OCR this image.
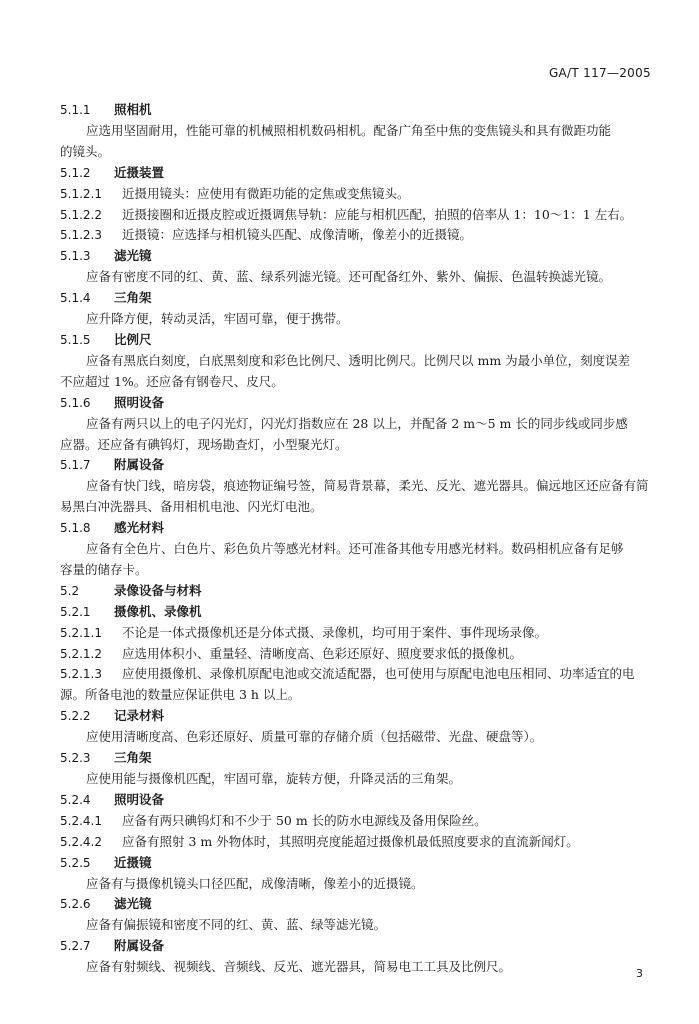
GA/T 117—2005
5.1.1 照相机
应选用坚固耐用，性能可靠的机械照相机数码相机。配备广角至中焦的变焦镜头和具有微距功能
的镜头。
5.1.2 近摄装置
5.1.2.1 近摄用镜头：应使用有微距功能的定焦或变焦镜头。
5.1.2.2 近摄接圈和近摄皮腔或近摄调焦导轨：应能与相机匹配，拍照的倍率从 1：10～1：1 左右。
5.1.2.3 近摄镜：应选择与相机镜头匹配、成像清晰，像差小的近摄镜。
5.1.3 滤光镜
应备有密度不同的红、黄、蓝、绿系列滤光镜。还可配备红外、紫外、偏振、色温转换滤光镜。
5.1.4 三角架
应升降方便，转动灵活，牢固可靠，便于携带。
5.1.5 比例尺
应备有黑底白刻度，白底黑刻度和彩色比例尺、透明比例尺。比例尺以 mm 为最小单位，刻度误差
不应超过 1%。还应备有钢卷尺、皮尺。
5.1.6 照明设备
应备有两只以上的电子闪光灯，闪光灯指数应在 28 以上，并配备 2 m～5 m 长的同步线或同步感
应器。还应备有碘钨灯，现场勘查灯，小型聚光灯。
5.1.7 附属设备
应备有快门线，暗房袋，痕迹物证编号签，简易背景幕，柔光、反光、遮光器具。偏远地区还应备有简
易黑白冲洗器具、备用相机电池、闪光灯电池。
5.1.8 感光材料
应备有全色片、白色片、彩色负片等感光材料。还可准备其他专用感光材料。数码相机应备有足够
容量的储存卡。
5.2	录像设备与材料
5.2.1 摄像机、录像机
5.2.1.1 不论是一体式摄像机还是分体式摄、录像机，均可用于案件、事件现场录像。
5.2.1.2 应选用体积小、重量轻、清晰度高、色彩还原好、照度要求低的摄像机。
5.2.1.3 应使用摄像机、录像机原配电池或交流适配器，也可使用与原配电池电压相同、功率适宜的电
源。所备电池的数量应保证供电 3 h 以上。
5.2.2 记录材料
应使用清晰度高、色彩还原好、质量可靠的存储介质（包括磁带、光盘、硬盘等）。
5.2.3 三角架
应使用能与摄像机匹配，牢固可靠，旋转方便，升降灵活的三角架。
5.2.4 照明设备
5.2.4.1 应备有两只碘钨灯和不少于 50 m 长的防水电源线及备用保险丝。
5.2.4.2 应备有照射 3 m 外物体时，其照明亮度能超过摄像机最低照度要求的直流新闻灯。
5.2.5 近摄镜
应备有与摄像机镜头口径匹配，成像清晰，像差小的近摄镜。
5.2.6 滤光镜
应备有偏振镜和密度不同的红、黄、蓝、绿等滤光镜。
5.2.7 附属设备
应备有射频线、视频线、音频线、反光、遮光器具，简易电工工具及比例尺。	3
